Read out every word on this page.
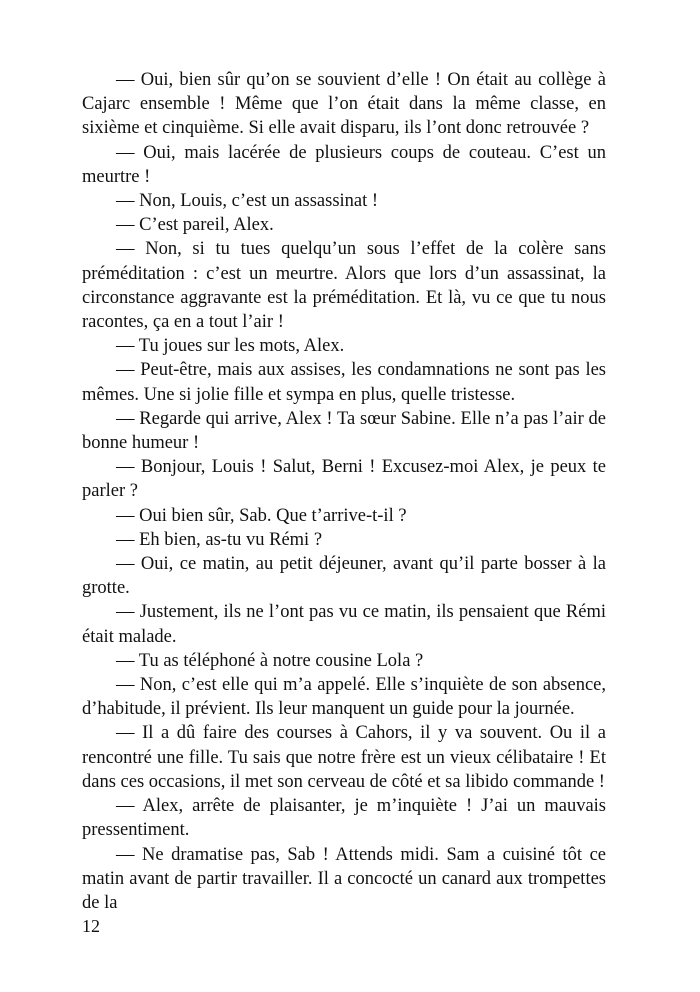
— Oui, bien sûr qu’on se souvient d’elle ! On était au collège à Cajarc ensemble ! Même que l’on était dans la même classe, en sixième et cinquième. Si elle avait disparu, ils l’ont donc retrouvée ?

— Oui, mais lacérée de plusieurs coups de couteau. C’est un meurtre !

— Non, Louis, c’est un assassinat !

— C’est pareil, Alex.

— Non, si tu tues quelqu’un sous l’effet de la colère sans préméditation : c’est un meurtre. Alors que lors d’un assassinat, la circonstance aggravante est la préméditation. Et là, vu ce que tu nous racontes, ça en a tout l’air !

— Tu joues sur les mots, Alex.

— Peut-être, mais aux assises, les condamnations ne sont pas les mêmes. Une si jolie fille et sympa en plus, quelle tristesse.

— Regarde qui arrive, Alex ! Ta sœur Sabine. Elle n’a pas l’air de bonne humeur !

— Bonjour, Louis ! Salut, Berni ! Excusez-moi Alex, je peux te parler ?

— Oui bien sûr, Sab. Que t’arrive-t-il ?

— Eh bien, as-tu vu Rémi ?

— Oui, ce matin, au petit déjeuner, avant qu’il parte bosser à la grotte.

— Justement, ils ne l’ont pas vu ce matin, ils pensaient que Rémi était malade.

— Tu as téléphoné à notre cousine Lola ?

— Non, c’est elle qui m’a appelé. Elle s’inquiète de son absence, d’habitude, il prévient. Ils leur manquent un guide pour la journée.

— Il a dû faire des courses à Cahors, il y va souvent. Ou il a rencontré une fille. Tu sais que notre frère est un vieux célibataire ! Et dans ces occasions, il met son cerveau de côté et sa libido commande !

— Alex, arrête de plaisanter, je m’inquiète ! J’ai un mauvais pressentiment.

— Ne dramatise pas, Sab ! Attends midi. Sam a cuisiné tôt ce matin avant de partir travailler. Il a concocté un canard aux trompettes de la

12
